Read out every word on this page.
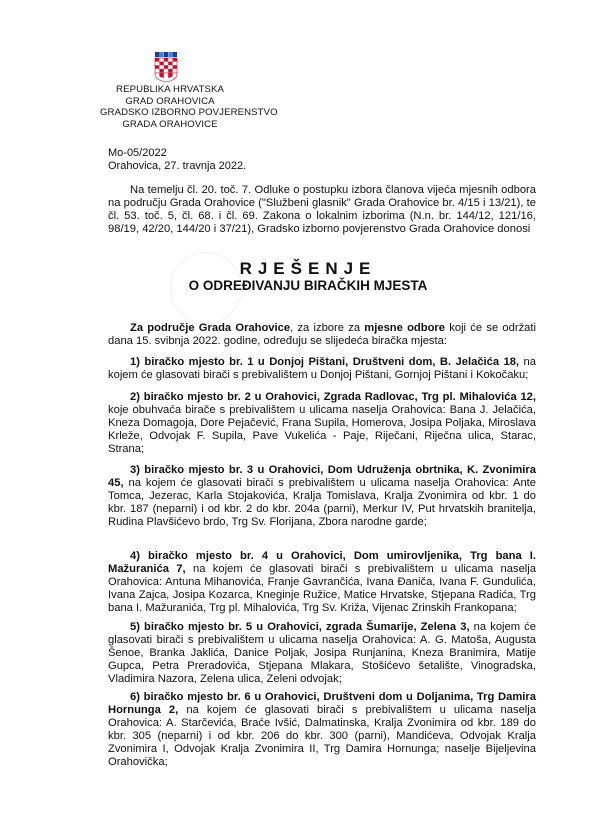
REPUBLIKA HRVATSKA
GRAD ORAHOVICA
GRADSKO IZBORNO POVJERENSTVO
GRADA ORAHOVICE
Mo-05/2022
Orahovica, 27. travnja 2022.
Na temelju čl. 20. toč. 7. Odluke o postupku izbora članova vijeća mjesnih odbora na području Grada Orahovice ("Službeni glasnik" Grada Orahovice br. 4/15 i 13/21), te čl. 53. toč. 5, čl. 68. i čl. 69. Zakona o lokalnim izborima (N.n. br. 144/12, 121/16, 98/19, 42/20, 144/20 i 37/21), Gradsko izborno povjerenstvo Grada Orahovice donosi
RJEŠENJE
O ODREĐIVANJU BIRAČKIH MJESTA
Za područje Grada Orahovice, za izbore za mjesne odbore koji će se održati dana 15. svibnja 2022. godine, određuju se slijedeća biračka mjesta:
1) biračko mjesto br. 1 u Donjoj Pištani, Društveni dom, B. Jelačića 18, na kojem će glasovati birači s prebivalištem u Donjoj Pištani, Gornjoj Pištani i Kokočaku;
2) biračko mjesto br. 2 u Orahovici, Zgrada Radlovac, Trg pl. Mihalovića 12, koje obuhvaća birače s prebivalištem u ulicama naselja Orahovica: Bana J. Jelačića, Kneza Domagoja, Dore Pejačević, Frana Supila, Homerova, Josipa Poljaka, Miroslava Krleže, Odvojak F. Supila, Pave Vukelića - Paje, Riječani, Riječna ulica, Starac, Strana;
3) biračko mjesto br. 3 u Orahovici, Dom Udruženja obrtnika, K. Zvonimira 45, na kojem će glasovati birači s prebivalištem u ulicama naselja Orahovica: Ante Tomca, Jezerac, Karla Stojakovića, Kralja Tomislava, Kralja Zvonimira od kbr. 1 do kbr. 187 (neparni) i od kbr. 2 do kbr. 204a (parni), Merkur IV, Put hrvatskih branitelja, Rudina Plavšićevo brdo, Trg Sv. Florijana, Zbora narodne garde;
4) biračko mjesto br. 4 u Orahovici, Dom umirovljenika, Trg bana I. Mažuranića 7, na kojem će glasovati birači s prebivalištem u ulicama naselja Orahovica: Antuna Mihanovića, Franje Gavrančića, Ivana Đaniča, Ivana F. Gundulića, Ivana Zajca, Josipa Kozarca, Kneginje Ružice, Matice Hrvatske, Stjepana Radića, Trg bana I. Mažuranića, Trg pl. Mihalovića, Trg Sv. Križa, Vijenac Zrinskih Frankopana;
5) biračko mjesto br. 5 u Orahovici, zgrada Šumarije, Zelena 3, na kojem će glasovati birači s prebivalištem u ulicama naselja Orahovica: A. G. Matoša, Augusta Šenoe, Branka Jaklića, Danice Poljak, Josipa Runjanina, Kneza Branimira, Matije Gupca, Petra Preradovića, Stjepana Mlakara, Stošićevo šetalište, Vinogradska, Vladimira Nazora, Zelena ulica, Zeleni odvojak;
6) biračko mjesto br. 6 u Orahovici, Društveni dom u Doljanima, Trg Damira Hornunga 2, na kojem će glasovati birači s prebivalištem u ulicama naselja Orahovica: A. Starčevića, Braće Ivšić, Dalmatinska, Kralja Zvonimira od kbr. 189 do kbr. 305 (neparni) i od kbr. 206 do kbr. 300 (parni), Mandićeva, Odvojak Kralja Zvonimira I, Odvojak Kralja Zvonimira II, Trg Damira Hornunga; naselje Bijeljevina Orahovička;
